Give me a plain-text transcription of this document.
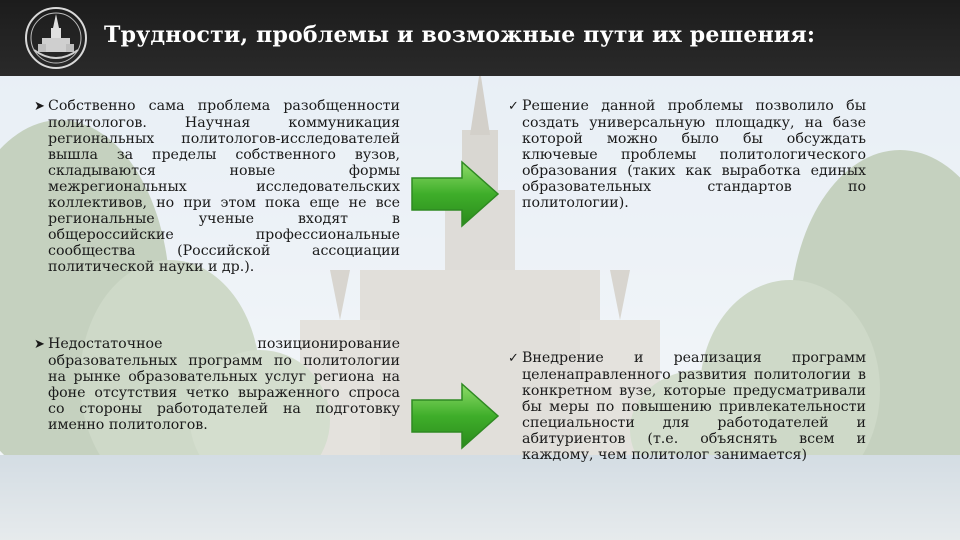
Трудности, проблемы и возможные пути их решения:
➤ Собственно сама проблема разобщенности политологов. Научная коммуникация региональных политологов-исследователей вышла за пределы собственного вузов, складываются новые формы межрегиональных исследовательских коллективов, но при этом пока еще не все региональные ученые входят в общероссийские профессиональные сообщества (Российской ассоциации политической науки и др.).
➤ Недостаточное позиционирование образовательных программ по политологии на рынке образовательных услуг региона на фоне отсутствия четко выраженного спроса со стороны работодателей на подготовку именно политологов.
✓ Решение данной проблемы позволило бы создать универсальную площадку, на базе которой можно было бы обсуждать ключевые проблемы политологического образования (таких как выработка единых образовательных стандартов по политологии).
✓ Внедрение и реализация программ целенаправленного развития политологии в конкретном вузе, которые предусматривали бы меры по повышению привлекательности специальности для работодателей и абитуриентов (т.е. объяснять всем и каждому, чем политолог занимается)
